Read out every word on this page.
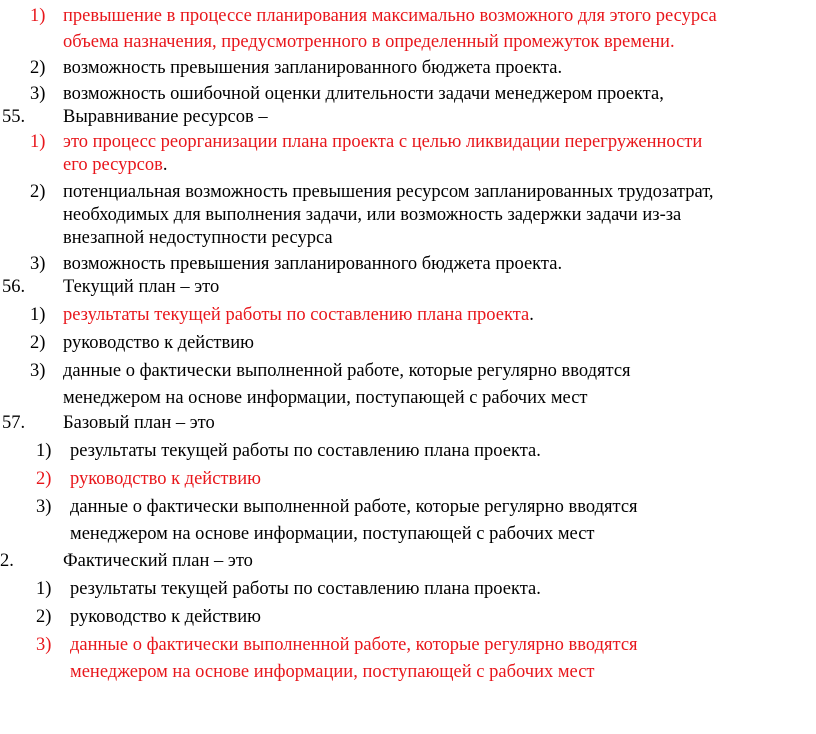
1) превышение в процессе планирования максимально возможного для этого ресурса
объема назначения, предусмотренного в определенный промежуток времени.
2) возможность превышения запланированного бюджета проекта.
3) возможность ошибочной оценки длительности задачи менеджером проекта,
55. Выравнивание ресурсов –
1) это процесс реорганизации плана проекта с целью ликвидации перегруженности
его ресурсов.
2) потенциальная возможность превышения ресурсом запланированных трудозатрат,
необходимых для выполнения задачи, или возможность задержки задачи из-за
внезапной недоступности ресурса
3) возможность превышения запланированного бюджета проекта.
56. Текущий план – это
1) результаты текущей работы по составлению плана проекта.
2) руководство к действию
3) данные о фактически выполненной работе, которые регулярно вводятся
менеджером на основе информации, поступающей с рабочих мест
57. Базовый план – это
1) результаты текущей работы по составлению плана проекта.
2) руководство к действию
3) данные о фактически выполненной работе, которые регулярно вводятся
менеджером на основе информации, поступающей с рабочих мест
2.	Фактический план – это
1) результаты текущей работы по составлению плана проекта.
2) руководство к действию
3) данные о фактически выполненной работе, которые регулярно вводятся
менеджером на основе информации, поступающей с рабочих мест
